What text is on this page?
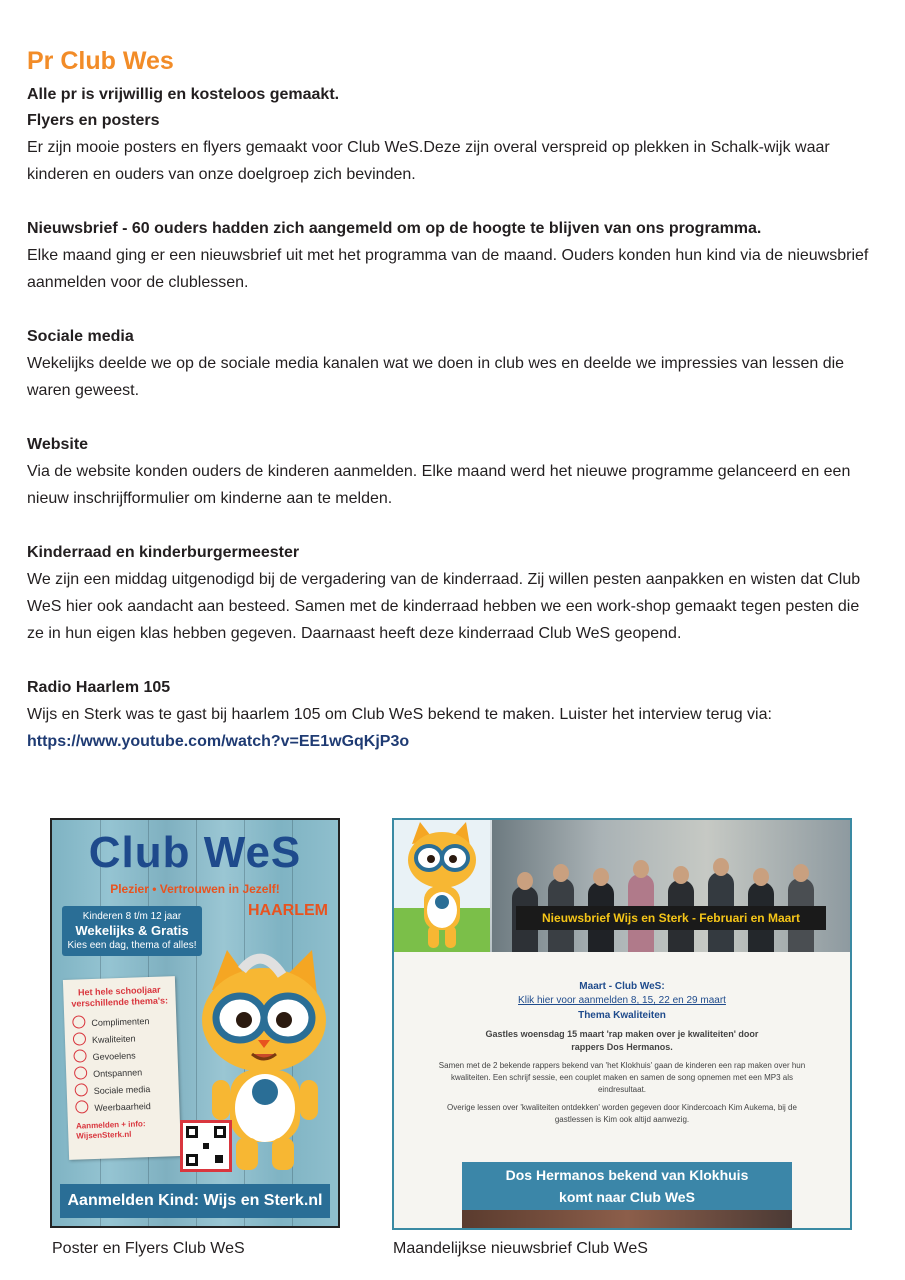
Pr Club Wes
Alle pr is vrijwillig en kosteloos gemaakt.
Flyers en posters
Er zijn mooie posters en flyers gemaakt voor Club WeS.Deze zijn overal verspreid op plekken in Schalk-wijk waar kinderen en ouders van onze doelgroep zich bevinden.
Nieuwsbrief - 60 ouders hadden zich aangemeld om op de hoogte te blijven van ons programma.
Elke maand ging er een nieuwsbrief uit met het programma van de maand. Ouders konden hun kind via de nieuwsbrief aanmelden voor de clublessen.
Sociale media
Wekelijks deelde we op de sociale media kanalen wat we doen in club wes en deelde we impressies van lessen die waren geweest.
Website
Via de website konden ouders de kinderen aanmelden. Elke maand werd het nieuwe programme gelanceerd en een nieuw inschrijfformulier om kinderne aan te melden.
Kinderraad en kinderburgermeester
We zijn een middag uitgenodigd bij de vergadering van de kinderraad. Zij willen pesten aanpakken en wisten dat Club WeS hier ook aandacht aan besteed. Samen met de kinderraad hebben we een work-shop gemaakt tegen pesten die ze in hun eigen klas hebben gegeven. Daarnaast heeft deze kinderraad Club WeS geopend.
Radio Haarlem 105
Wijs en Sterk was te gast bij haarlem 105 om Club WeS bekend te maken. Luister het interview terug via: https://www.youtube.com/watch?v=EE1wGqKjP3o
Club WeS
Plezier • Vertrouwen in Jezelf!
HAARLEM
Kinderen 8 t/m 12 jaar
Wekelijks & Gratis
Kies een dag, thema of alles!
Het hele schooljaar verschillende thema's:
Complimenten
Kwaliteiten
Gevoelens
Ontspannen
Sociale media
Weerbaarheid
Aanmelden + info: WijsenSterk.nl
Aanmelden Kind: Wijs en Sterk.nl
Nieuwsbrief Wijs en Sterk - Februari en Maart
Maart - Club WeS:
Klik hier voor aanmelden 8, 15, 22 en 29 maart
Thema Kwaliteiten
Gastles woensdag 15 maart 'rap maken over je kwaliteiten' door rappers Dos Hermanos.
Samen met de 2 bekende rappers bekend van 'het Klokhuis' gaan de kinderen een rap maken over hun kwaliteiten. Een schrijf sessie, een couplet maken en samen de song opnemen met een MP3 als eindresultaat.
Overige lessen over 'kwaliteiten ontdekken' worden gegeven door Kindercoach Kim Aukema, bij de gastlessen is Kim ook altijd aanwezig.
Dos Hermanos bekend van Klokhuis
komt naar Club WeS
Poster en Flyers Club WeS	Maandelijkse nieuwsbrief Club WeS
